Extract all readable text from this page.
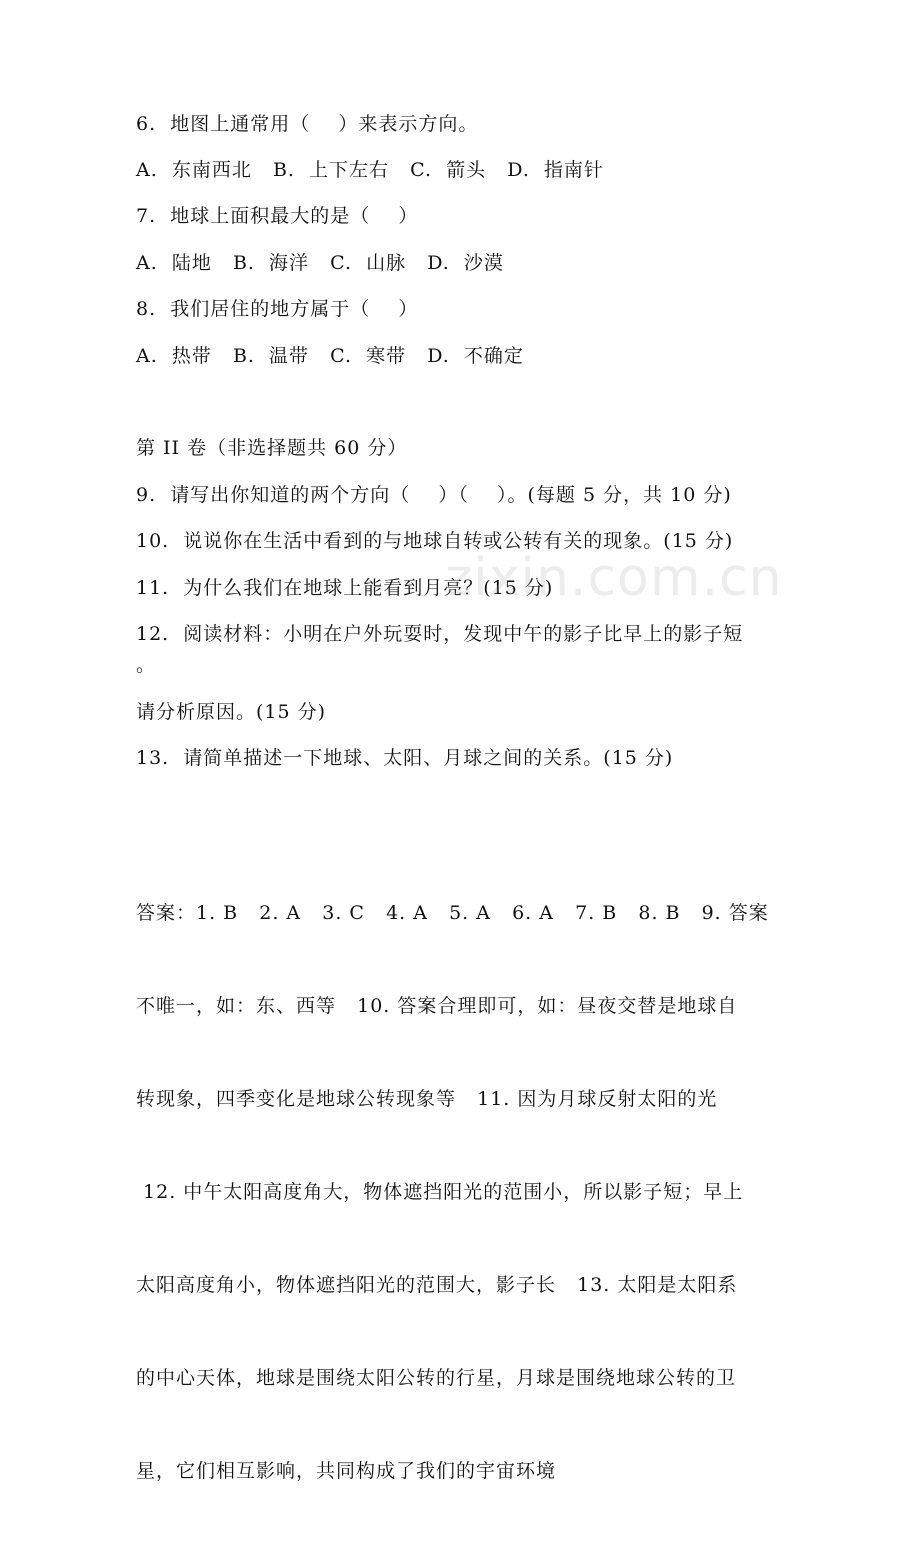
6.  地图上通常用（    ）来表示方向。
A.  东南西北   B.  上下左右   C.  箭头   D.  指南针
7.  地球上面积最大的是（    ）
A.  陆地   B.  海洋   C.  山脉   D.  沙漠
8.  我们居住的地方属于（    ）
A.  热带   B.  温带   C.  寒带   D.  不确定
第 II 卷（非选择题共 60 分）
9.  请写出你知道的两个方向（    ）（    ）。(每题 5 分，共 10 分)
10.  说说你在生活中看到的与地球自转或公转有关的现象。(15 分)
11.  为什么我们在地球上能看到月亮？(15 分)
12.  阅读材料：小明在户外玩耍时，发现中午的影子比早上的影子短
。
请分析原因。(15 分)
13.  请简单描述一下地球、太阳、月球之间的关系。(15 分)

答案：1. B   2. A   3. C   4. A   5. A   6. A   7. B   8. B   9. 答案

不唯一，如：东、西等   10. 答案合理即可，如：昼夜交替是地球自

转现象，四季变化是地球公转现象等   11. 因为月球反射太阳的光

12. 中午太阳高度角大，物体遮挡阳光的范围小，所以影子短；早上

太阳高度角小，物体遮挡阳光的范围大，影子长   13. 太阳是太阳系

的中心天体，地球是围绕太阳公转的行星，月球是围绕地球公转的卫

星，它们相互影响，共同构成了我们的宇宙环境

zixin.com.cn
